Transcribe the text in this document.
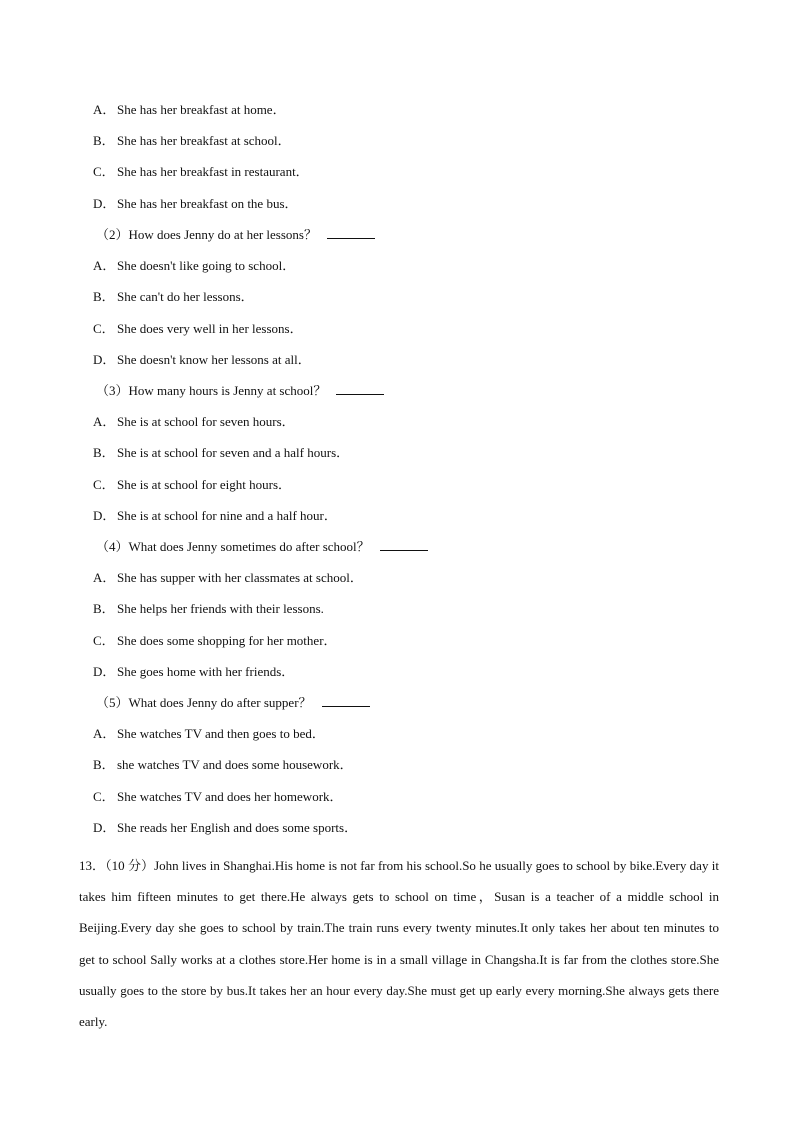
A． She has her breakfast at home．
B． She has her breakfast at school．
C． She has her breakfast in restaurant．
D． She has her breakfast on the bus．
（2）How does Jenny do at her lessons？
A． She doesn't like going to school．
B． She can't do her lessons．
C． She does very well in her lessons．
D． She doesn't know her lessons at all．
（3）How many hours is Jenny at school？
A． She is at school for seven hours．
B． She is at school for seven and a half hours．
C． She is at school for eight hours．
D． She is at school for nine and a half hour．
（4）What does Jenny sometimes do after school？
A． She has supper with her classmates at school．
B． She helps her friends with their lessons.
C． She does some shopping for her mother．
D． She goes home with her friends．
（5）What does Jenny do after supper？
A． She watches TV and then goes to bed．
B． she watches TV and does some housework．
C． She watches TV and does her homework．
D． She reads her English and does some sports．

13．（10 分）John lives in Shanghai.His home is not far from his school.So he usually goes to school by bike.Every day it takes him fifteen minutes to get there.He always gets to school on time，Susan is a teacher of a middle school in Beijing.Every day she goes to school by train.The train runs every twenty minutes.It only takes her about ten minutes to get to school Sally works at a clothes store.Her home is in a small village in Changsha.It is far from the clothes store.She usually goes to the store by bus.It takes her an hour every day.She must get up early every morning.She always gets there early.
